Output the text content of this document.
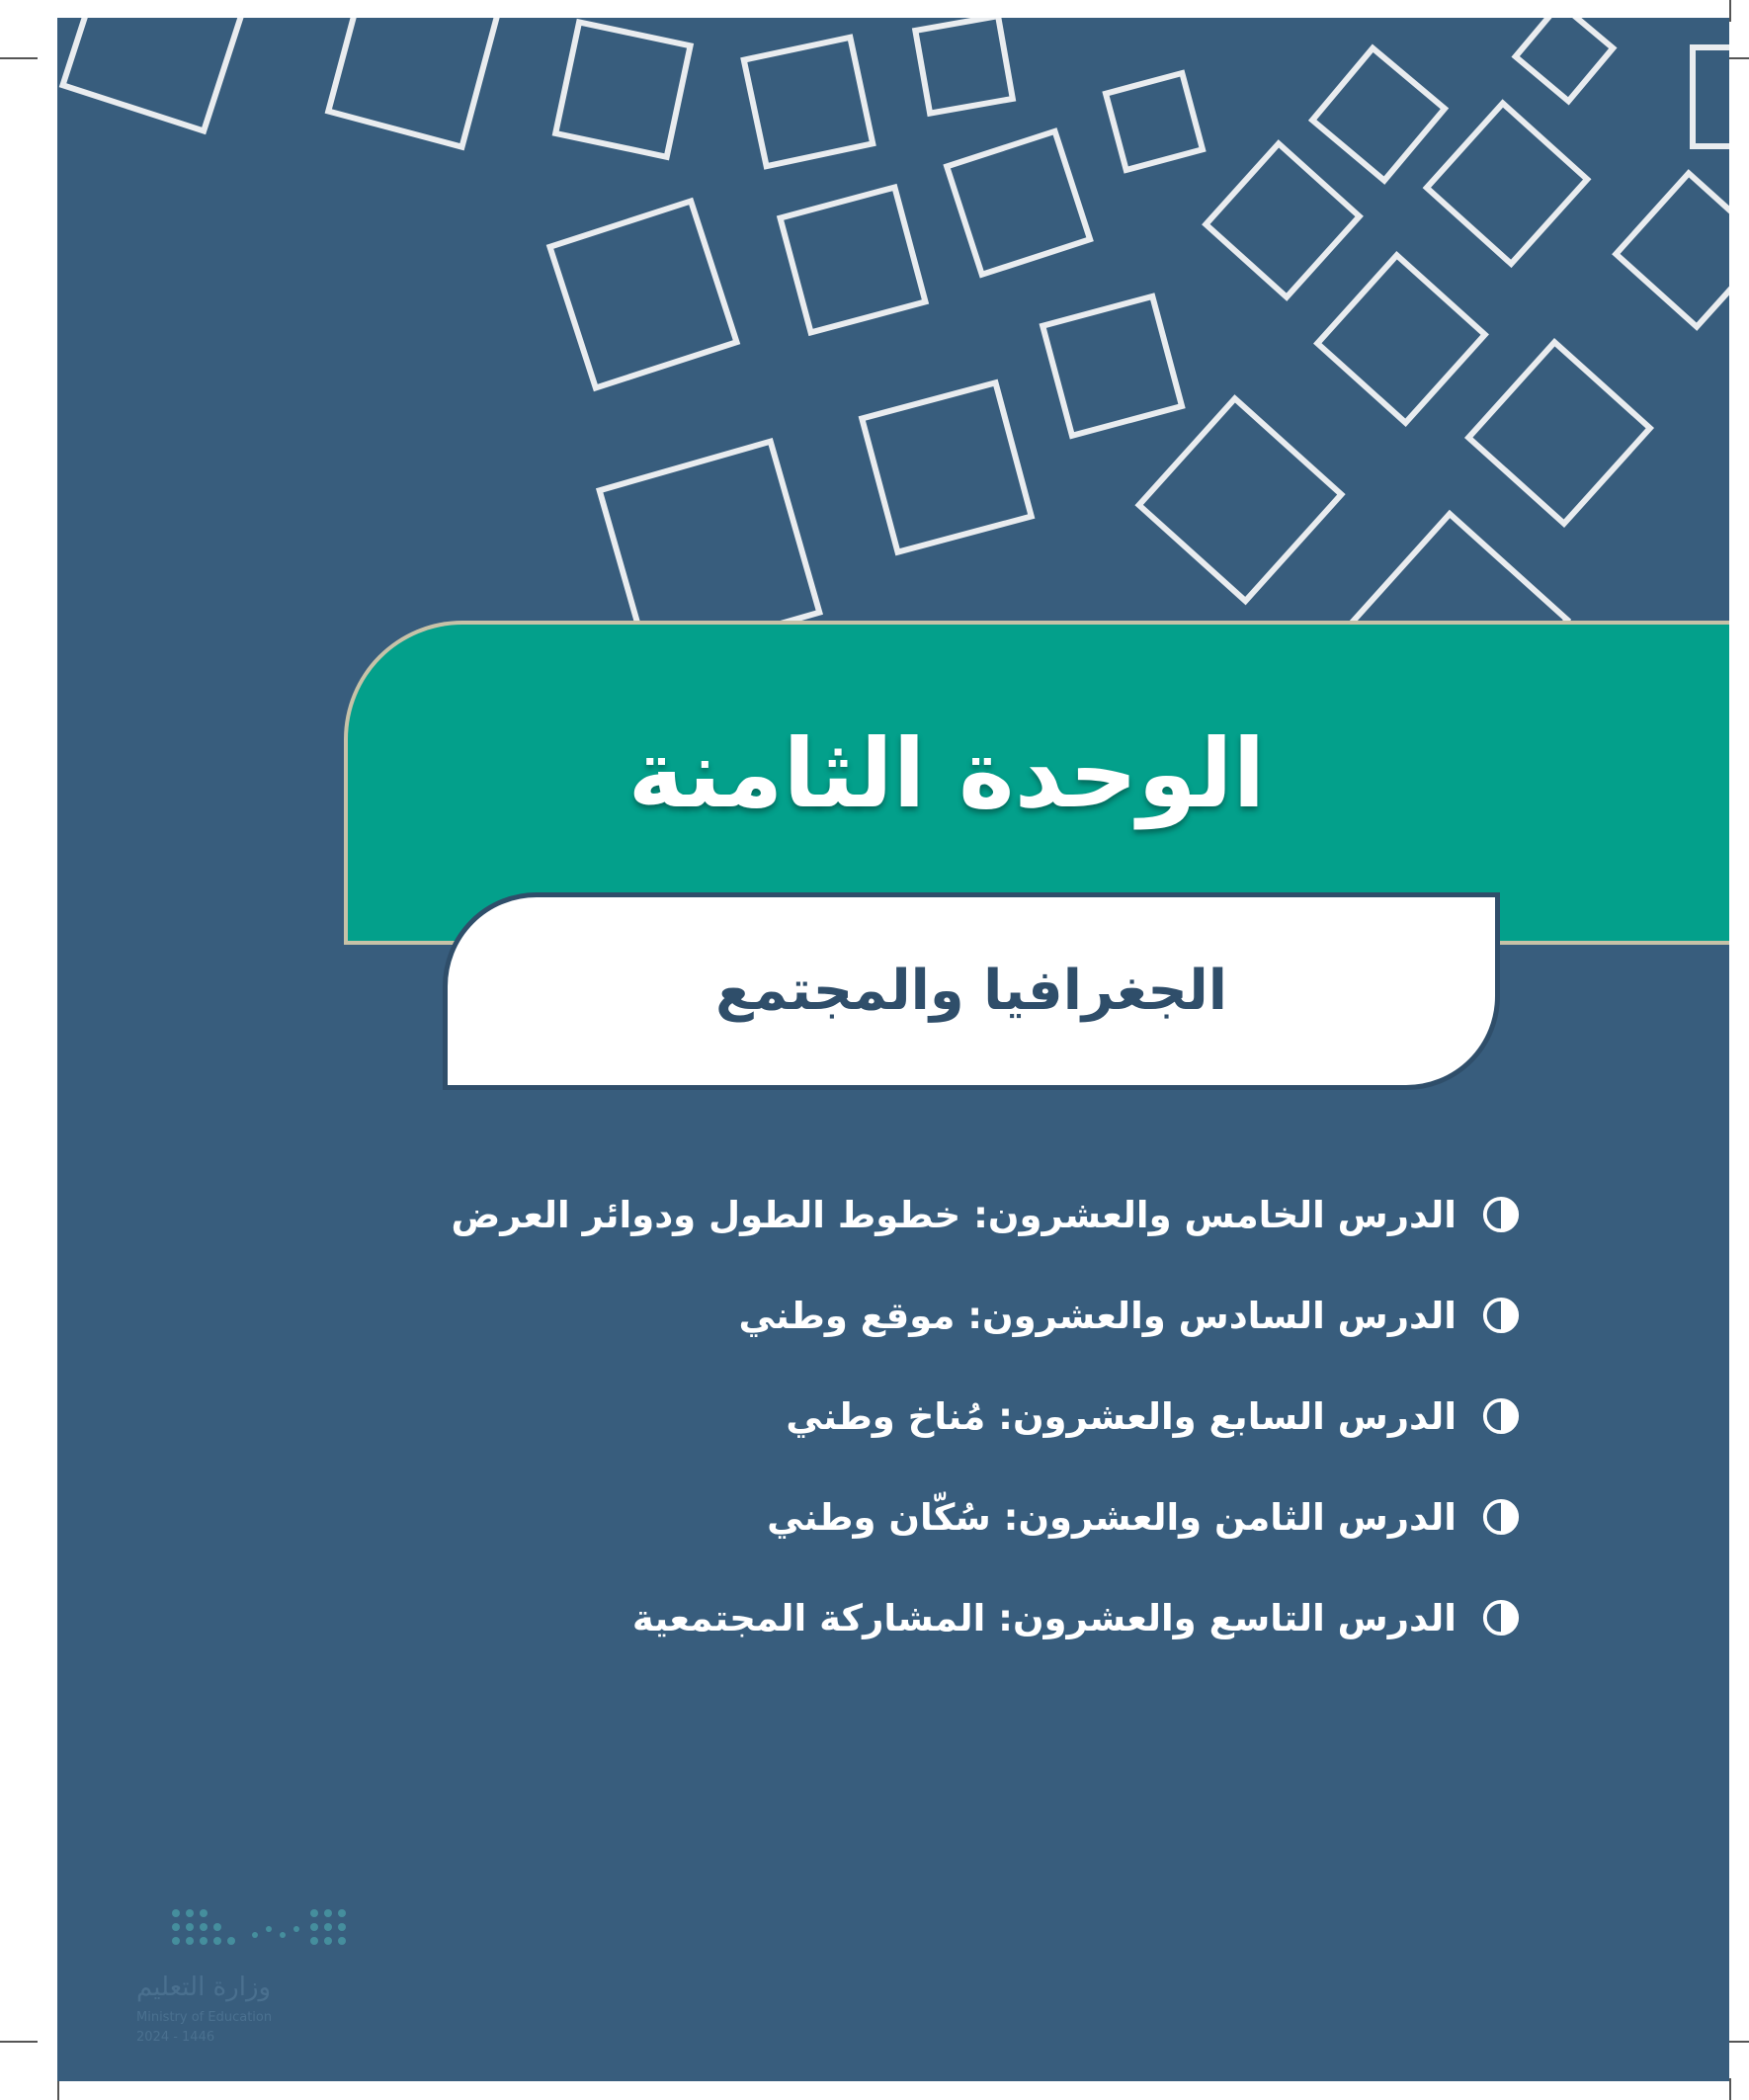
الوحدة الثامنة
الجغرافيا والمجتمع
الدرس الخامس والعشرون: خطوط الطول ودوائر العرض
الدرس السادس والعشرون: موقع وطني
الدرس السابع والعشرون: مُناخ وطني
الدرس الثامن والعشرون: سُكّان وطني
الدرس التاسع والعشرون: المشاركة المجتمعية
وزارة التعليم
Ministry of Education
2024 - 1446
